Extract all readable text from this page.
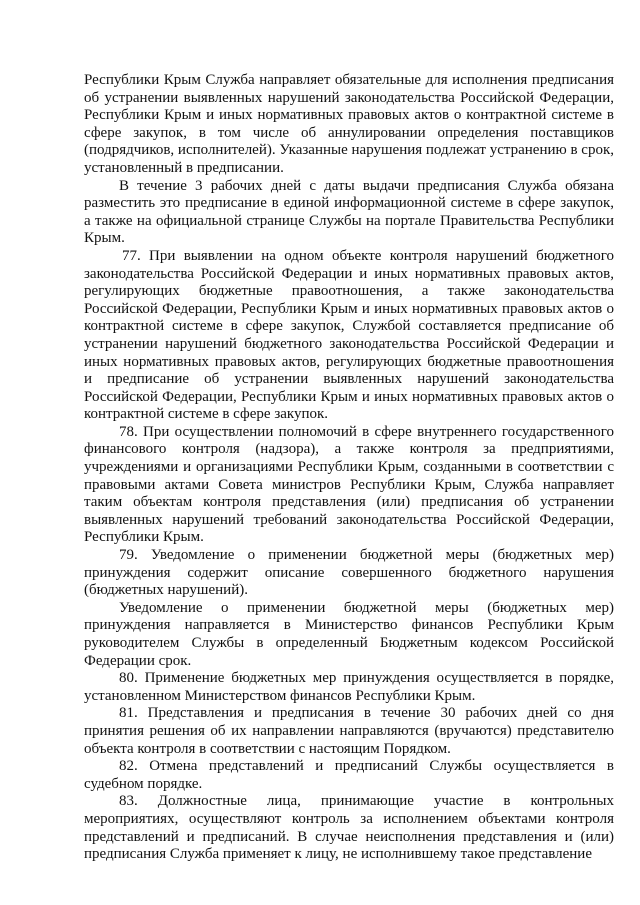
Республики Крым Служба направляет обязательные для исполнения предписания об устранении выявленных нарушений законодательства Российской Федерации, Республики Крым и иных нормативных правовых актов о контрактной системе в сфере закупок, в том числе об аннулировании определения поставщиков (подрядчиков, исполнителей). Указанные нарушения подлежат устранению в срок, установленный в предписании.

В течение 3 рабочих дней с даты выдачи предписания Служба обязана разместить это предписание в единой информационной системе в сфере закупок, а также на официальной странице Службы на портале Правительства Республики Крым.

77. При выявлении на одном объекте контроля нарушений бюджетного законодательства Российской Федерации и иных нормативных правовых актов, регулирующих бюджетные правоотношения, а также законодательства Российской Федерации, Республики Крым и иных нормативных правовых актов о контрактной системе в сфере закупок, Службой составляется предписание об устранении нарушений бюджетного законодательства Российской Федерации и иных нормативных правовых актов, регулирующих бюджетные правоотношения и предписание об устранении выявленных нарушений законодательства Российской Федерации, Республики Крым и иных нормативных правовых актов о контрактной системе в сфере закупок.

78. При осуществлении полномочий в сфере внутреннего государственного финансового контроля (надзора), а также контроля за предприятиями, учреждениями и организациями Республики Крым, созданными в соответствии с правовыми актами Совета министров Республики Крым, Служба направляет таким объектам контроля представления (или) предписания об устранении выявленных нарушений требований законодательства Российской Федерации, Республики Крым.

79. Уведомление о применении бюджетной меры (бюджетных мер) принуждения содержит описание совершенного бюджетного нарушения (бюджетных нарушений).

Уведомление о применении бюджетной меры (бюджетных мер) принуждения направляется в Министерство финансов Республики Крым руководителем Службы в определенный Бюджетным кодексом Российской Федерации срок.

80. Применение бюджетных мер принуждения осуществляется в порядке, установленном Министерством финансов Республики Крым.

81. Представления и предписания в течение 30 рабочих дней со дня принятия решения об их направлении направляются (вручаются) представителю объекта контроля в соответствии с настоящим Порядком.

82. Отмена представлений и предписаний Службы осуществляется в судебном порядке.

83. Должностные лица, принимающие участие в контрольных мероприятиях, осуществляют контроль за исполнением объектами контроля представлений и предписаний. В случае неисполнения представления и (или) предписания Служба применяет к лицу, не исполнившему такое представление
